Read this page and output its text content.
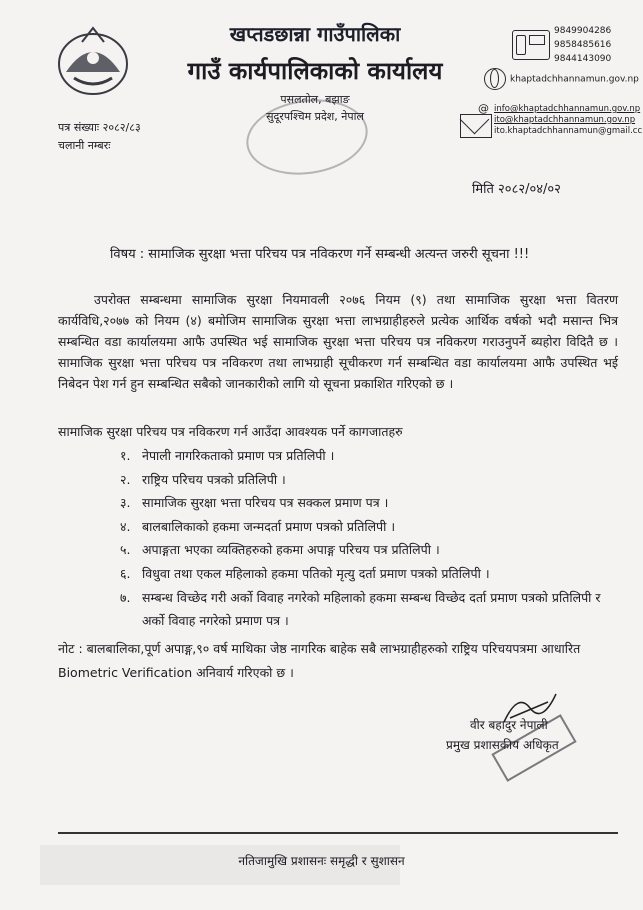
खप्तडछान्ना गाउँपालिका
गाउँ कार्यपालिकाको कार्यालय
पसलतोल, बझाङ
सुदूरपश्चिम प्रदेश, नेपाल
9849904286
9858485616
9844143090
khaptadchhannamun.gov.np
@ info@khaptadchhannamun.gov.np
ito@khaptadchhannamun.gov.np
ito.khaptadchhannamun@gmail.cc
पत्र संख्याः २०८२/८३
चलानी नम्बरः
मिति २०८२/०४/०२
विषय : सामाजिक सुरक्षा भत्ता परिचय पत्र नविकरण गर्ने सम्बन्धी अत्यन्त जरुरी सूचना !!!
उपरोक्त सम्बन्धमा सामाजिक सुरक्षा नियमावली २०७६ नियम (९) तथा सामाजिक सुरक्षा भत्ता वितरण कार्यविधि,२०७७ को नियम (४) बमोजिम सामाजिक सुरक्षा भत्ता लाभग्राहीहरुले प्रत्येक आर्थिक वर्षको भदौ मसान्त भित्र सम्बन्धित वडा कार्यालयमा आफै उपस्थित भई सामाजिक सुरक्षा भत्ता परिचय पत्र नविकरण गराउनुपर्ने ब्यहोरा विदितै छ । सामाजिक सुरक्षा भत्ता परिचय पत्र नविकरण तथा लाभग्राही सूचीकरण गर्न सम्बन्धित वडा कार्यालयमा आफै उपस्थित भई निबेदन पेश गर्न हुन सम्बन्धित सबैको जानकारीको लागि यो सूचना प्रकाशित गरिएको छ ।
सामाजिक सुरक्षा परिचय पत्र नविकरण गर्न आउँदा आवश्यक पर्ने कागजातहरु
१. नेपाली नागरिकताको प्रमाण पत्र प्रतिलिपी ।
२. राष्ट्रिय परिचय पत्रको प्रतिलिपी ।
३. सामाजिक सुरक्षा भत्ता परिचय पत्र सक्कल प्रमाण पत्र ।
४. बालबालिकाको हकमा जन्मदर्ता प्रमाण पत्रको प्रतिलिपी ।
५. अपाङ्गता भएका व्यक्तिहरुको हकमा अपाङ्ग परिचय पत्र प्रतिलिपी ।
६. विधुवा तथा एकल महिलाको हकमा पतिको मृत्यु दर्ता प्रमाण पत्रको प्रतिलिपी ।
७. सम्बन्ध विच्छेद गरी अर्को विवाह नगरेको महिलाको हकमा सम्बन्ध विच्छेद दर्ता प्रमाण पत्रको प्रतिलिपी र अर्को विवाह नगरेको प्रमाण पत्र ।
नोट : बालबालिका,पूर्ण अपाङ्ग,९० वर्ष माथिका जेष्ठ नागरिक बाहेक सबै लाभग्राहीहरुको राष्ट्रिय परिचयपत्रमा आधारित Biometric Verification अनिवार्य गरिएको छ ।
वीर बहादुर नेपाली
प्रमुख प्रशासकीय अधिकृत
नतिजामुखि प्रशासनः समृद्धी र सुशासन
